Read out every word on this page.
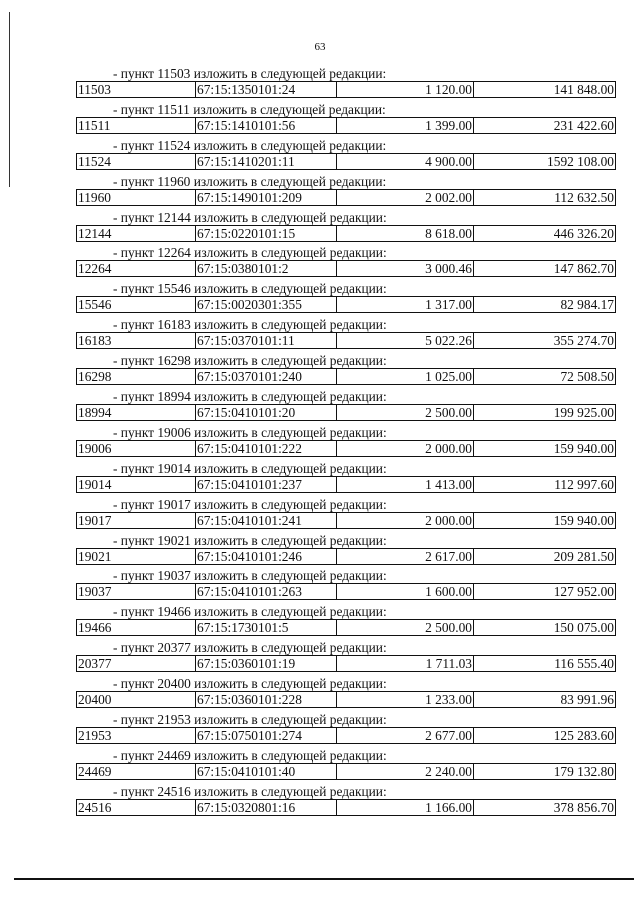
63
- пункт 11503 изложить в следующей редакции:
11503	67:15:1350101:24	1 120.00	141 848.00
- пункт 11511 изложить в следующей редакции:
11511	67:15:1410101:56	1 399.00	231 422.60
- пункт 11524 изложить в следующей редакции:
11524	67:15:1410201:11	4 900.00	1592 108.00
- пункт 11960 изложить в следующей редакции:
11960	67:15:1490101:209	2 002.00	112 632.50
- пункт 12144 изложить в следующей редакции:
12144	67:15:0220101:15	8 618.00	446 326.20
- пункт 12264 изложить в следующей редакции:
12264	67:15:0380101:2	3 000.46	147 862.70
- пункт 15546 изложить в следующей редакции:
15546	67:15:0020301:355	1 317.00	82 984.17
- пункт 16183 изложить в следующей редакции:
16183	67:15:0370101:11	5 022.26	355 274.70
- пункт 16298 изложить в следующей редакции:
16298	67:15:0370101:240	1 025.00	72 508.50
- пункт 18994 изложить в следующей редакции:
18994	67:15:0410101:20	2 500.00	199 925.00
- пункт 19006 изложить в следующей редакции:
19006	67:15:0410101:222	2 000.00	159 940.00
- пункт 19014 изложить в следующей редакции:
19014	67:15:0410101:237	1 413.00	112 997.60
- пункт 19017 изложить в следующей редакции:
19017	67:15:0410101:241	2 000.00	159 940.00
- пункт 19021 изложить в следующей редакции:
19021	67:15:0410101:246	2 617.00	209 281.50
- пункт 19037 изложить в следующей редакции:
19037	67:15:0410101:263	1 600.00	127 952.00
- пункт 19466 изложить в следующей редакции:
19466	67:15:1730101:5	2 500.00	150 075.00
- пункт 20377 изложить в следующей редакции:
20377	67:15:0360101:19	1 711.03	116 555.40
- пункт 20400 изложить в следующей редакции:
20400	67:15:0360101:228	1 233.00	83 991.96
- пункт 21953 изложить в следующей редакции:
21953	67:15:0750101:274	2 677.00	125 283.60
- пункт 24469 изложить в следующей редакции:
24469	67:15:0410101:40	2 240.00	179 132.80
- пункт 24516 изложить в следующей редакции:
24516	67:15:0320801:16	1 166.00	378 856.70
